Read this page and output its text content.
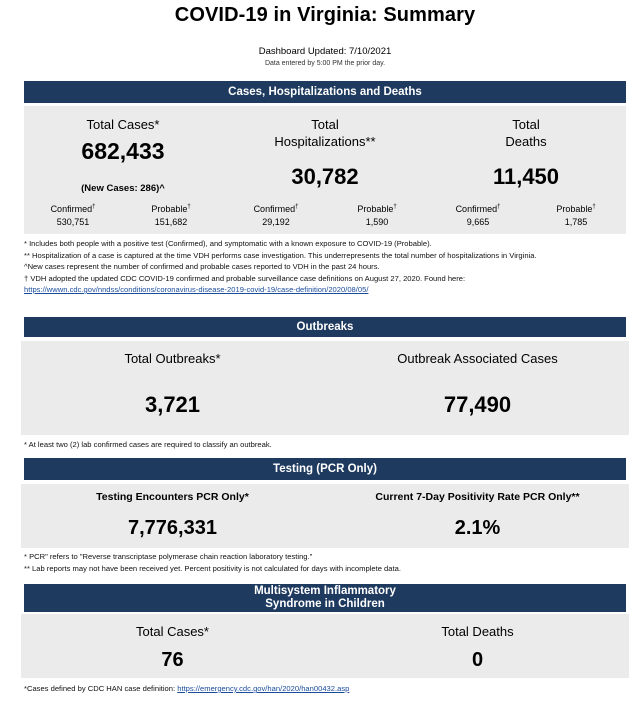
COVID-19 in Virginia: Summary
Dashboard Updated: 7/10/2021
Data entered by 5:00 PM the prior day.
Cases, Hospitalizations and Deaths
Total Cases*
682,433
(New Cases: 286)^
Confirmed†
530,751
Probable†
151,682
Total
Hospitalizations**
30,782
Confirmed†
29,192
Probable†
1,590
Total
Deaths
11,450
Confirmed†
9,665
Probable†
1,785
* Includes both people with a positive test (Confirmed), and symptomatic with a known exposure to COVID-19 (Probable).
** Hospitalization of a case is captured at the time VDH performs case investigation. This underrepresents the total number of hospitalizations in Virginia.
^New cases represent the number of confirmed and probable cases reported to VDH in the past 24 hours.
† VDH adopted the updated CDC COVID-19 confirmed and probable surveillance case definitions on August 27, 2020. Found here: https://wwwn.cdc.gov/nndss/conditions/coronavirus-disease-2019-covid-19/case-definition/2020/08/05/
Outbreaks
Total Outbreaks*
3,721
Outbreak Associated Cases
77,490
* At least two (2) lab confirmed cases are required to classify an outbreak.
Testing (PCR Only)
Testing Encounters PCR Only*
7,776,331
Current 7-Day Positivity Rate PCR Only**
2.1%
* PCR" refers to "Reverse transcriptase polymerase chain reaction laboratory testing."
** Lab reports may not have been received yet. Percent positivity is not calculated for days with incomplete data.
Multisystem Inflammatory
Syndrome in Children
Total Cases*
76
Total Deaths
0
*Cases defined by CDC HAN case definition: https://emergency.cdc.gov/han/2020/han00432.asp
